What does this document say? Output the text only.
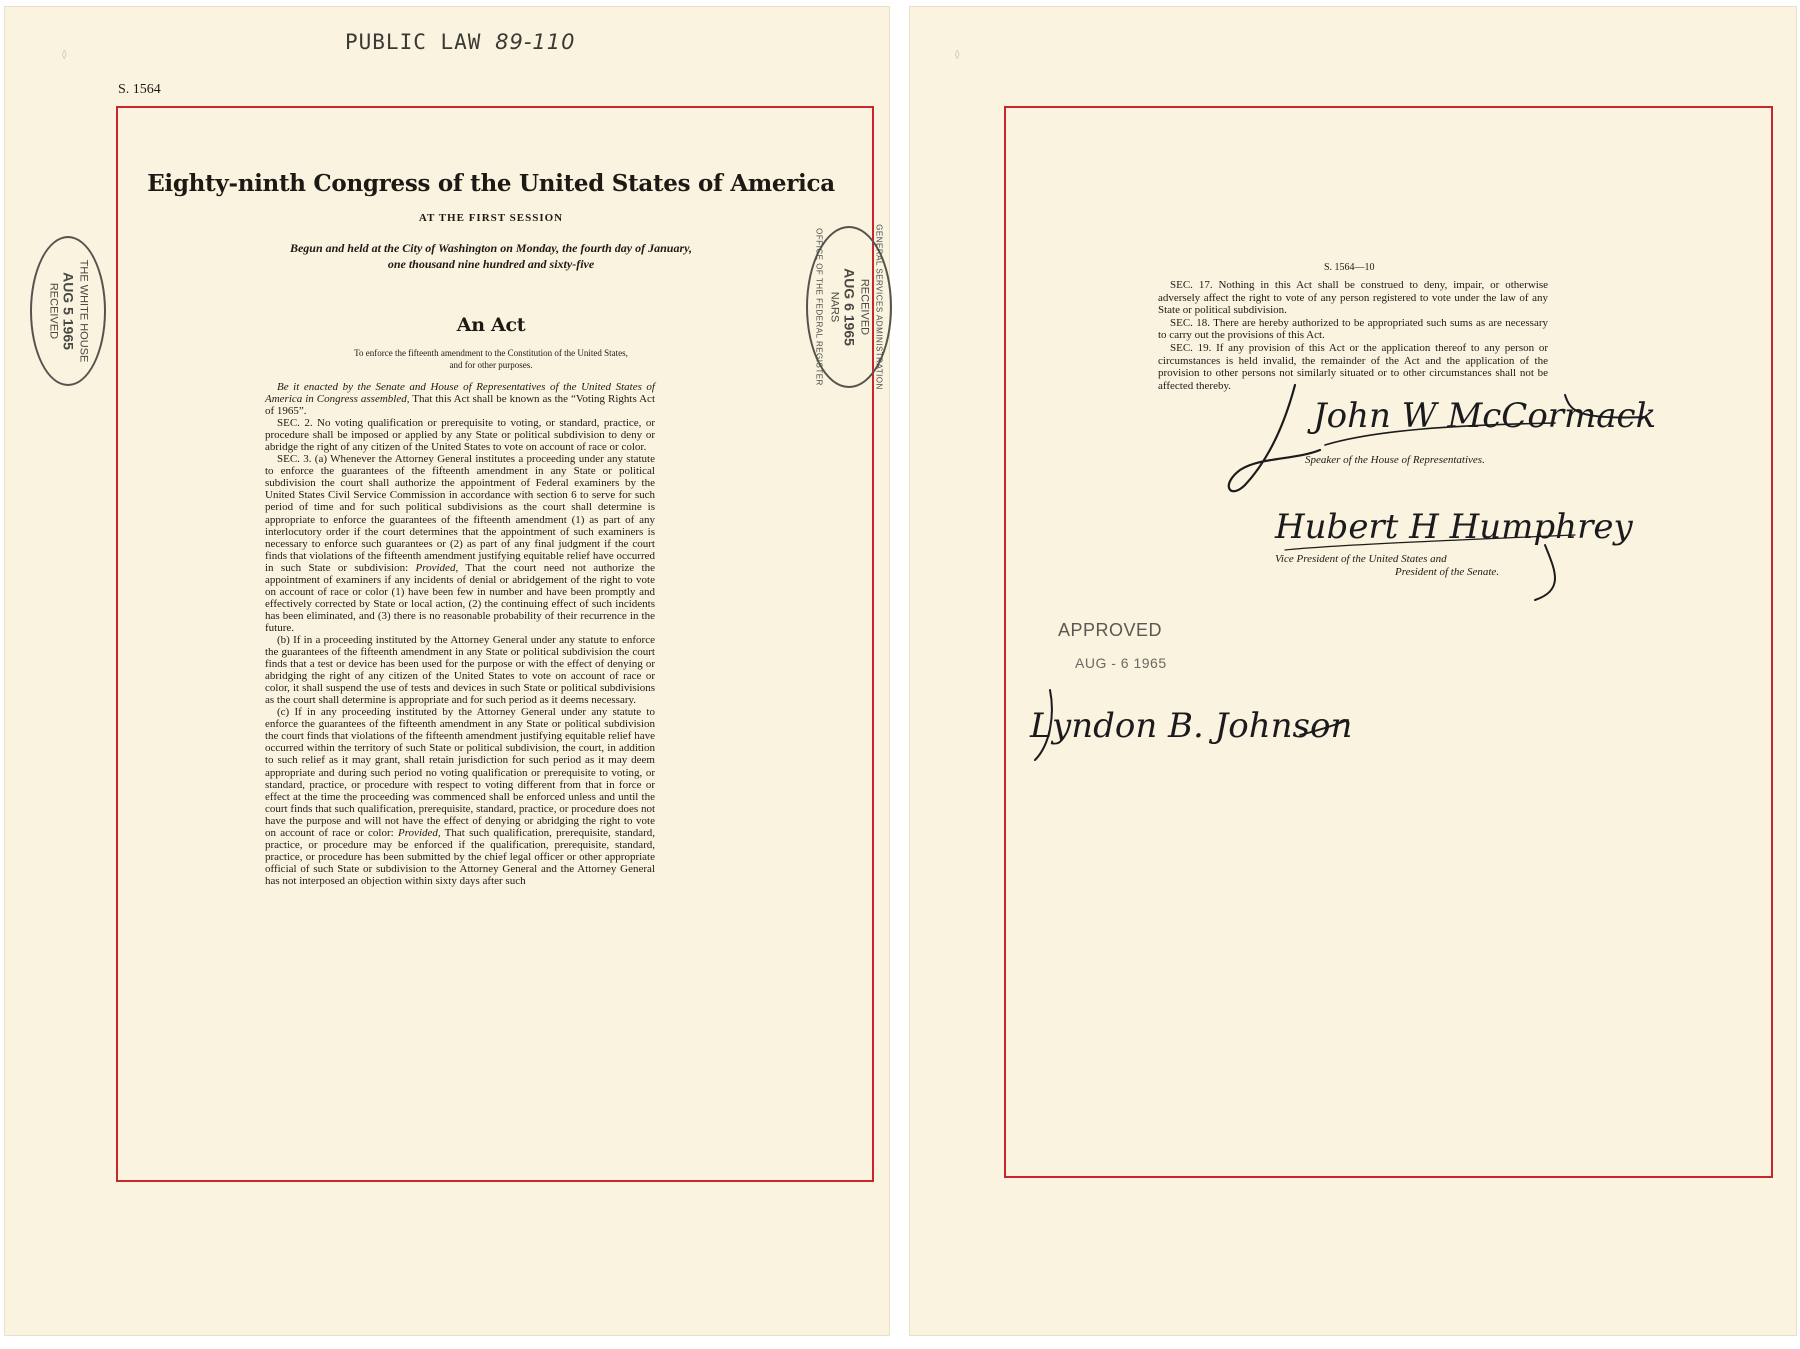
PUBLIC LAW 89-110
S. 1564
Eighty-ninth Congress of the United States of America
AT THE FIRST SESSION
Begun and held at the City of Washington on Monday, the fourth day of January,
one thousand nine hundred and sixty-five
An Act
To enforce the fifteenth amendment to the Constitution of the United States,
and for other purposes.

Be it enacted by the Senate and House of Representatives of the United States of America in Congress assembled, That this Act shall be known as the “Voting Rights Act of 1965”.

SEC. 2. No voting qualification or prerequisite to voting, or standard, practice, or procedure shall be imposed or applied by any State or political subdivision to deny or abridge the right of any citizen of the United States to vote on account of race or color.

SEC. 3. (a) Whenever the Attorney General institutes a proceeding under any statute to enforce the guarantees of the fifteenth amendment in any State or political subdivision the court shall authorize the appointment of Federal examiners by the United States Civil Service Commission in accordance with section 6 to serve for such period of time and for such political subdivisions as the court shall determine is appropriate to enforce the guarantees of the fifteenth amendment (1) as part of any interlocutory order if the court determines that the appointment of such examiners is necessary to enforce such guarantees or (2) as part of any final judgment if the court finds that violations of the fifteenth amendment justifying equitable relief have occurred in such State or subdivision: Provided, That the court need not authorize the appointment of examiners if any incidents of denial or abridgement of the right to vote on account of race or color (1) have been few in number and have been promptly and effectively corrected by State or local action, (2) the continuing effect of such incidents has been eliminated, and (3) there is no reasonable probability of their recurrence in the future.

(b) If in a proceeding instituted by the Attorney General under any statute to enforce the guarantees of the fifteenth amendment in any State or political subdivision the court finds that a test or device has been used for the purpose or with the effect of denying or abridging the right of any citizen of the United States to vote on account of race or color, it shall suspend the use of tests and devices in such State or political subdivisions as the court shall determine is appropriate and for such period as it deems necessary.

(c) If in any proceeding instituted by the Attorney General under any statute to enforce the guarantees of the fifteenth amendment in any State or political subdivision the court finds that violations of the fifteenth amendment justifying equitable relief have occurred within the territory of such State or political subdivision, the court, in addition to such relief as it may grant, shall retain jurisdiction for such period as it may deem appropriate and during such period no voting qualification or prerequisite to voting, or standard, practice, or procedure with respect to voting different from that in force or effect at the time the proceeding was commenced shall be enforced unless and until the court finds that such qualification, prerequisite, standard, practice, or procedure does not have the purpose and will not have the effect of denying or abridging the right to vote on account of race or color: Provided, That such qualification, prerequisite, standard, practice, or procedure may be enforced if the qualification, prerequisite, standard, practice, or procedure has been submitted by the chief legal officer or other appropriate official of such State or subdivision to the Attorney General and the Attorney General has not interposed an objection within sixty days after such

THE WHITE HOUSE
AUG 5 1965
RECEIVED	GENERAL SERVICES ADMINISTRATION
RECEIVED
AUG 6 1965
NARS
OFFICE OF THE FEDERAL REGISTER	S. 1564—10

SEC. 17. Nothing in this Act shall be construed to deny, impair, or otherwise adversely affect the right to vote of any person registered to vote under the law of any State or political subdivision.

SEC. 18. There are hereby authorized to be appropriated such sums as are necessary to carry out the provisions of this Act.

SEC. 19. If any provision of this Act or the application thereof to any person or circumstances is held invalid, the remainder of the Act and the application of the provision to other persons not similarly situated or to other circumstances shall not be affected thereby.

John W McCormack
Speaker of the House of Representatives.
Hubert H Humphrey
Vice President of the United States and
President of the Senate.
APPROVED
AUG - 6 1965
Lyndon B. Johnson
◊	◊
